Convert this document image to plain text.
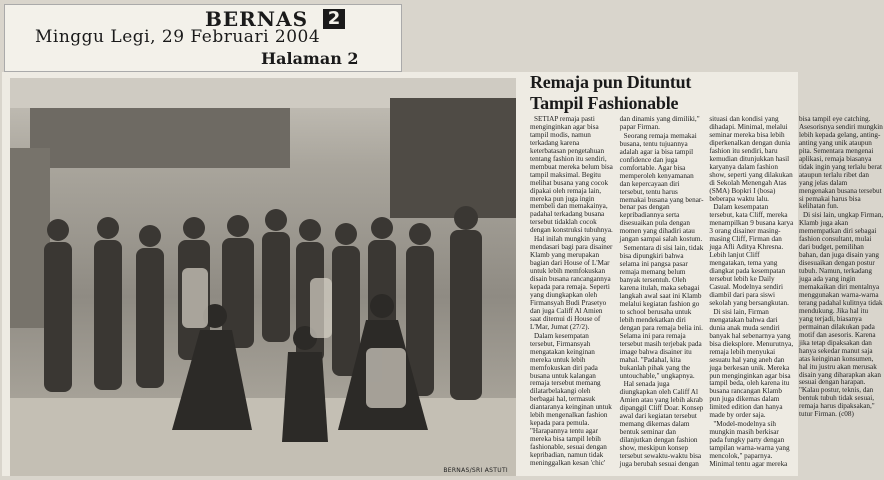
BERNAS 2
Minggu Legi, 29 Februari 2004
Halaman 2
BERNAS/SRI ASTUTI
Remaja pun Dituntut
Tampil Fashionable

SETIAP remaja pasti menginginkan agar bisa tampil modis, namun terkadang karena keterbatasan pengetahuan tentang fashion itu sendiri, membuat mereka belum bisa tampil maksimal. Begitu melihat busana yang cocok dipakai oleh remaja lain, mereka pun juga ingin membeli dan memakainya, padahal terkadang busana tersebut tidaklah cocok dengan konstruksi tubuhnya.

Hal inilah mungkin yang mendasari bagi para disainer Klamb yang merupakan bagian dari House of L'Mar untuk lebih memfokuskan disain busana rancangannya kepada para remaja. Seperti yang diungkapkan oleh Firmansyah Budi Prasetyo dan juga Califf Al Amien saat ditemui di House of L'Mar, Jumat (27/2).

Dalam kesempatan tersebut, Firmansyah mengatakan keinginan mereka untuk lebih memfokuskan diri pada busana untuk kalangan remaja tersebut memang dilatarbelakangi oleh berbagai hal, termasuk diantaranya keinginan untuk lebih mengenalkan fashion kepada para pemula. "Harapannya tentu agar mereka bisa tampil lebih fashionable, sesuai dengan kepribadian, namun tidak meninggalkan kesan 'chic' dan dinamis yang dimiliki," papar Firman.

Seorang remaja memakai busana, tentu tujuannya adalah agar ia bisa tampil confidence dan juga comfortable. Agar bisa memperoleh kenyamanan dan kepercayaan diri tersebut, tentu harus memakai busana yang benar-benar pas dengan kepribadiannya serta disesuaikan pula dengan momen yang dihadiri atau jangan sampai salah kostum.

Sementara di sisi lain, tidak bisa dipungkiri bahwa selama ini pangsa pasar remaja memang belum banyak tersentuh. Oleh karena itulah, maka sebagai langkah awal saat ini Klamb melalui kegiatan fashion go to school berusaha untuk lebih mendekatkan diri dengan para remaja belia ini. Selama ini para remaja tersebut masih terjebak pada image bahwa disainer itu mahal. "Padahal, kita bukanlah pihak yang the untouchable," ungkapnya.

Hal senada juga diungkapkan oleh Califf Al Amien atau yang lebih akrab dipanggil Cliff Doar. Konsep awal dari kegiatan tersebut memang dikemas dalam bentuk seminar dan dilanjutkan dengan fashion show, meskipun konsep tersebut sewaktu-waktu bisa juga berubah sesuai dengan situasi dan kondisi yang dihadapi. Minimal, melalui seminar mereka bisa lebih diperkenalkan dengan dunia fashion itu sendiri, baru kemudian ditunjukkan hasil karyanya dalam fashion show, seperti yang dilakukan di Sekolah Menengah Atas (SMA) Bopkri I (bosa) beberapa waktu lalu.

Dalam kesempatan tersebut, kata Cliff, mereka menampilkan 9 busana karya 3 orang disainer masing-masing Cliff, Firman dan juga Afli Aditya Khresna. Lebih lanjut Cliff mengatakan, tema yang diangkat pada kesempatan tersebut lebih ke Daily Casual. Modelnya sendiri diambil dari para siswi sekolah yang bersangkutan.

Di sisi lain, Firman mengatakan bahwa dari dunia anak muda sendiri banyak hal sebenarnya yang bisa dieksplore. Menurutnya, remaja lebih menyukai sesuatu hal yang aneh dan juga berkesan unik. Mereka pun menginginkan agar bisa tampil beda, oleh karena itu busana rancangan Klamb pun juga dikemas dalam limited edition dan hanya made by order saja.

"Model-modelnya sih mungkin masih berkisar pada fungky party dengan tampilan warna-warna yang mencolok," paparnya. Minimal tentu agar mereka bisa tampil eye catching. Asesorisnya sendiri mungkin lebih kepada gelang, anting-anting yang unik ataupun pita. Sementara mengenai aplikasi, remaja biasanya tidak ingin yang terlalu berat ataupun terlalu ribet dan yang jelas dalam mengenakan busana tersebut si pemakai harus bisa kelihatan fun.

Di sisi lain, ungkap Firman, Klamb juga akan memempatkan diri sebagai fashion consultant, mulai dari budget, pemilihan bahan, dan juga disain yang disesuaikan dengan postur tubuh. Namun, terkadang juga ada yang ingin memakaikan diri mentalnya menggunakan warna-warna terang padahal kulitnya tidak mendukung. Jika hal itu yang terjadi, biasanya permainan dilakukan pada motif dan asesoris. Karena jika tetap dipaksakan dan hanya sekedar manut saja atas keinginan konsumen, hal itu justru akan merusak disain yang diharapkan akan sesuai dengan harapan. "Kalau postur, teknis, dan bentuk tubuh tidak sesuai, remaja harus dipaksakan," tutur Firman. (c08)
